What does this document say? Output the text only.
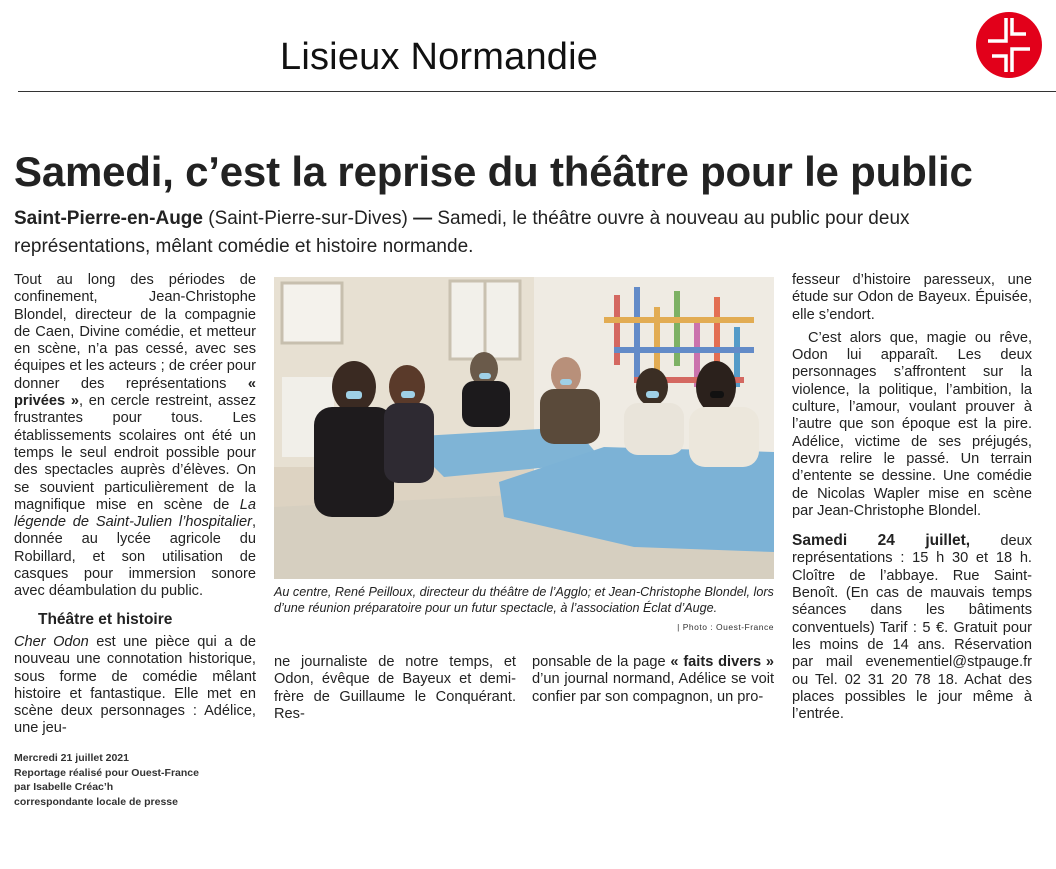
Lisieux Normandie
Samedi, c’est la reprise du théâtre pour le public
Saint-Pierre-en-Auge (Saint-Pierre-sur-Dives) — Samedi, le théâtre ouvre à nouveau au public pour deux représentations, mêlant comédie et histoire normande.

Tout au long des périodes de confinement, Jean-Christophe Blondel, directeur de la compagnie de Caen, Divine comédie, et metteur en scène, n’a pas cessé, avec ses équipes et les acteurs ; de créer pour donner des représentations « privées », en cercle restreint, assez frustrantes pour tous. Les établissements scolaires ont été un temps le seul endroit possible pour des spectacles auprès d’élèves. On se souvient particulièrement de la magnifique mise en scène de La légende de Saint-Julien l’hospitalier, donnée au lycée agricole du Robillard, et son utilisation de casques pour immersion sonore avec déambulation du public.

Théâtre et histoire

Cher Odon est une pièce qui a de nouveau une connotation historique, sous forme de comédie mêlant histoire et fantastique. Elle met en scène deux personnages : Adélice, une jeu-

Au centre, René Peilloux, directeur du théâtre de l’Agglo; et Jean-Christophe Blondel, lors d’une réunion préparatoire pour un futur spectacle, à l’association Éclat d’Auge.
| Photo : Ouest-France

ne journaliste de notre temps, et Odon, évêque de Bayeux et demi-frère de Guillaume le Conquérant. Res-

ponsable de la page « faits divers » d’un journal normand, Adélice se voit confier par son compagnon, un pro-

fesseur d’histoire paresseux, une étude sur Odon de Bayeux. Épuisée, elle s’endort.

C’est alors que, magie ou rêve, Odon lui apparaît. Les deux personnages s’affrontent sur la violence, la politique, l’ambition, la culture, l’amour, voulant prouver à l’autre que son époque est la pire. Adélice, victime de ses préjugés, devra relire le passé. Un terrain d’entente se dessine. Une comédie de Nicolas Wapler mise en scène par Jean-Christophe Blondel.

Samedi 24 juillet, deux représentations : 15 h 30 et 18 h. Cloître de l’abbaye. Rue Saint-Benoît. (En cas de mauvais temps séances dans les bâtiments conventuels) Tarif : 5 €. Gratuit pour les moins de 14 ans. Réservation par mail evenementiel@stpauge.fr ou Tel. 02 31 20 78 18. Achat des places possibles le jour même à l’entrée.

Mercredi 21 juillet 2021
Reportage réalisé pour Ouest-France
par Isabelle Créac’h
correspondante locale de presse
